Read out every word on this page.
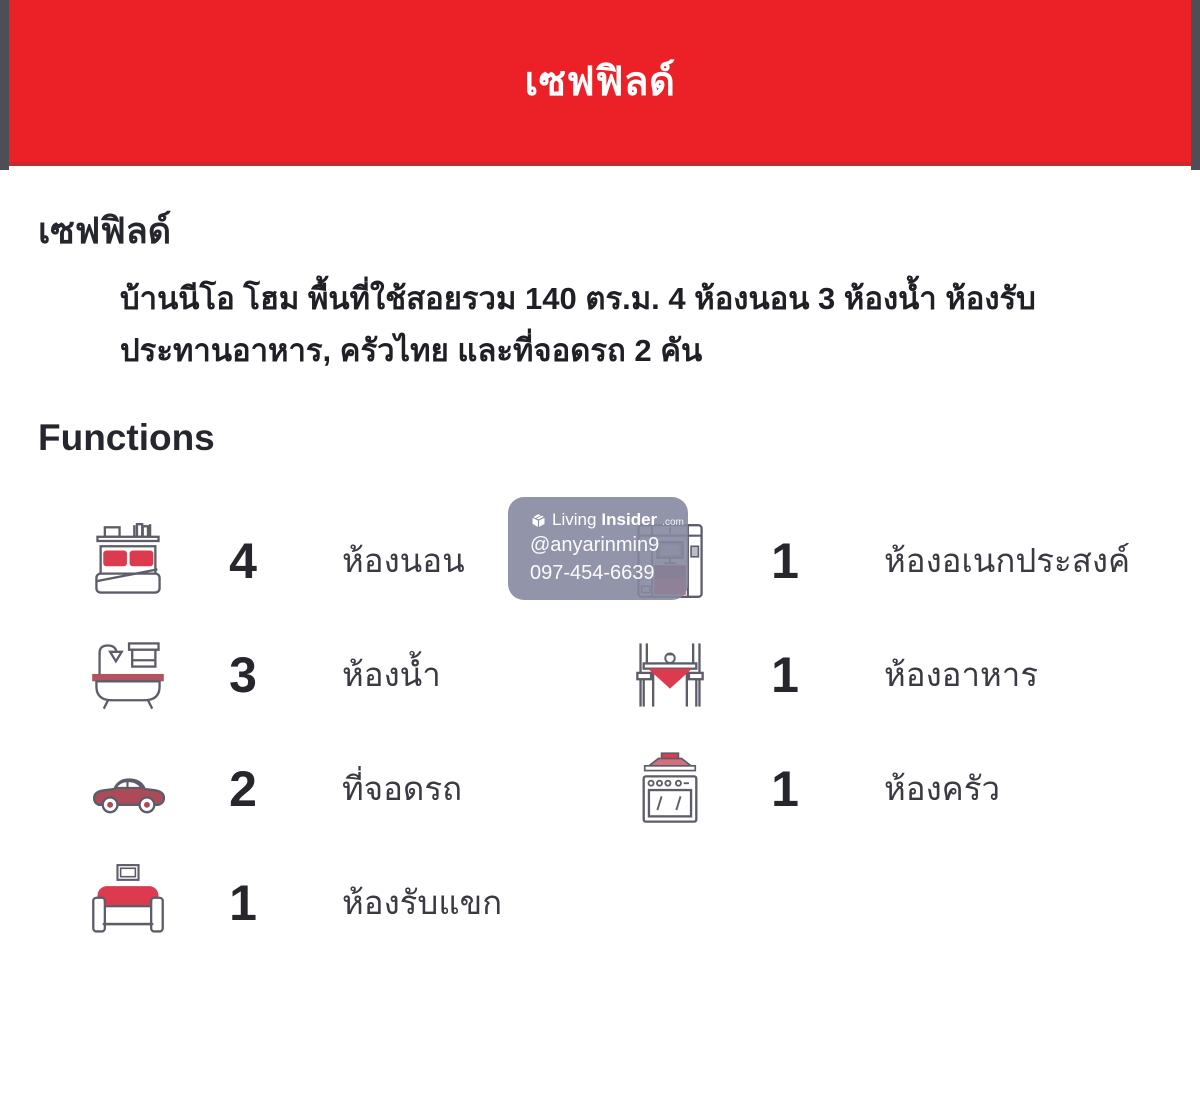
เซฟฟิลด์
เซฟฟิลด์

บ้านนีโอ โฮม พื้นที่ใช้สอยรวม 140 ตร.ม. 4 ห้องนอน 3 ห้องน้ำ ห้องรับประทานอาหาร, ครัวไทย และที่จอดรถ 2 คัน

Functions
4	ห้องนอน	1	ห้องอเนกประสงค์
3	ห้องน้ำ	1	ห้องอาหาร
2	ที่จอดรถ	1	ห้องครัว
1	ห้องรับแขก
Living Insider .com
@anyarinmin9
097-454-6639
